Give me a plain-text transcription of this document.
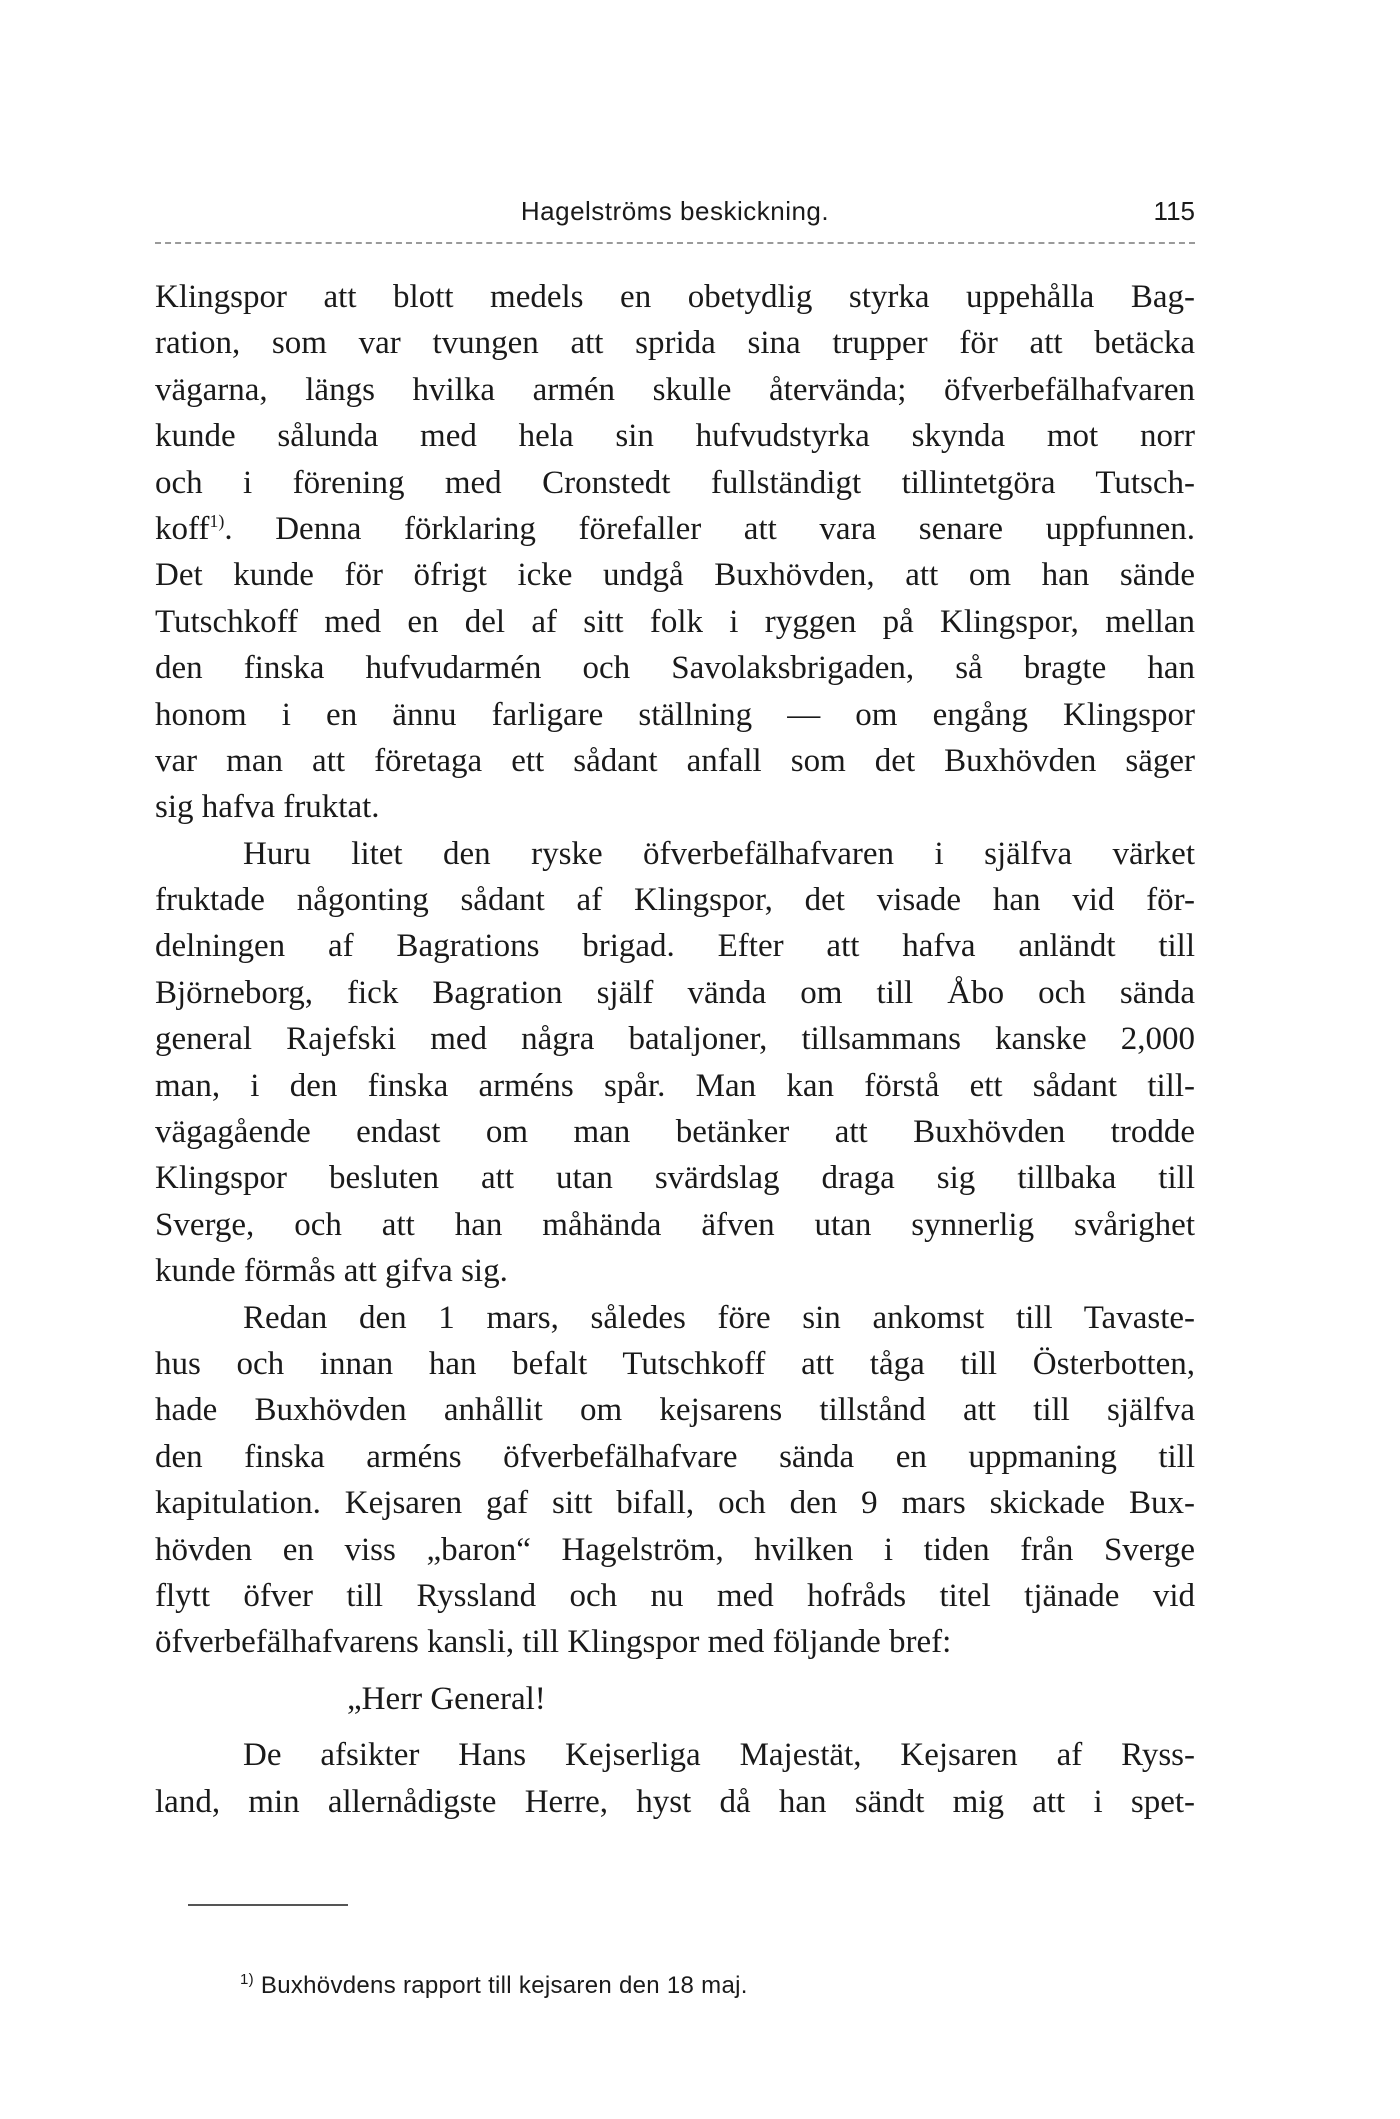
Hagelströms beskickning.	115
Klingspor att blott medels en obetydlig styrka uppehålla Bag-
ration, som var tvungen att sprida sina trupper för att betäcka
vägarna, längs hvilka armén skulle återvända; öfverbefälhafvaren
kunde sålunda med hela sin hufvudstyrka skynda mot norr
och i förening med Cronstedt fullständigt tillintetgöra Tutsch-
koff$^{1)}$. Denna förklaring förefaller att vara senare uppfunnen.
Det kunde för öfrigt icke undgå Buxhövden, att om han sände
Tutschkoff med en del af sitt folk i ryggen på Klingspor, mellan
den finska hufvudarmén och Savolaksbrigaden, så bragte han
honom i en ännu farligare ställning — om engång Klingspor
var man att företaga ett sådant anfall som det Buxhövden säger
sig hafva fruktat.
Huru litet den ryske öfverbefälhafvaren i själfva värket
fruktade någonting sådant af Klingspor, det visade han vid för-
delningen af Bagrations brigad. Efter att hafva anländt till
Björneborg, fick Bagration själf vända om till Åbo och sända
general Rajefski med några bataljoner, tillsammans kanske 2,000
man, i den finska arméns spår. Man kan förstå ett sådant till-
vägagående endast om man betänker att Buxhövden trodde
Klingspor besluten att utan svärdslag draga sig tillbaka till
Sverge, och att han måhända äfven utan synnerlig svårighet
kunde förmås att gifva sig.
Redan den 1 mars, således före sin ankomst till Tavaste-
hus och innan han befalt Tutschkoff att tåga till Österbotten,
hade Buxhövden anhållit om kejsarens tillstånd att till själfva
den finska arméns öfverbefälhafvare sända en uppmaning till
kapitulation. Kejsaren gaf sitt bifall, och den 9 mars skickade Bux-
hövden en viss „baron“ Hagelström, hvilken i tiden från Sverge
flytt öfver till Ryssland och nu med hofråds titel tjänade vid
öfverbefälhafvarens kansli, till Klingspor med följande bref:
„Herr General!
De afsikter Hans Kejserliga Majestät, Kejsaren af Ryss-
land, min allernådigste Herre, hyst då han sändt mig att i spet-
$^{1)}$ Buxhövdens rapport till kejsaren den 18 maj.
